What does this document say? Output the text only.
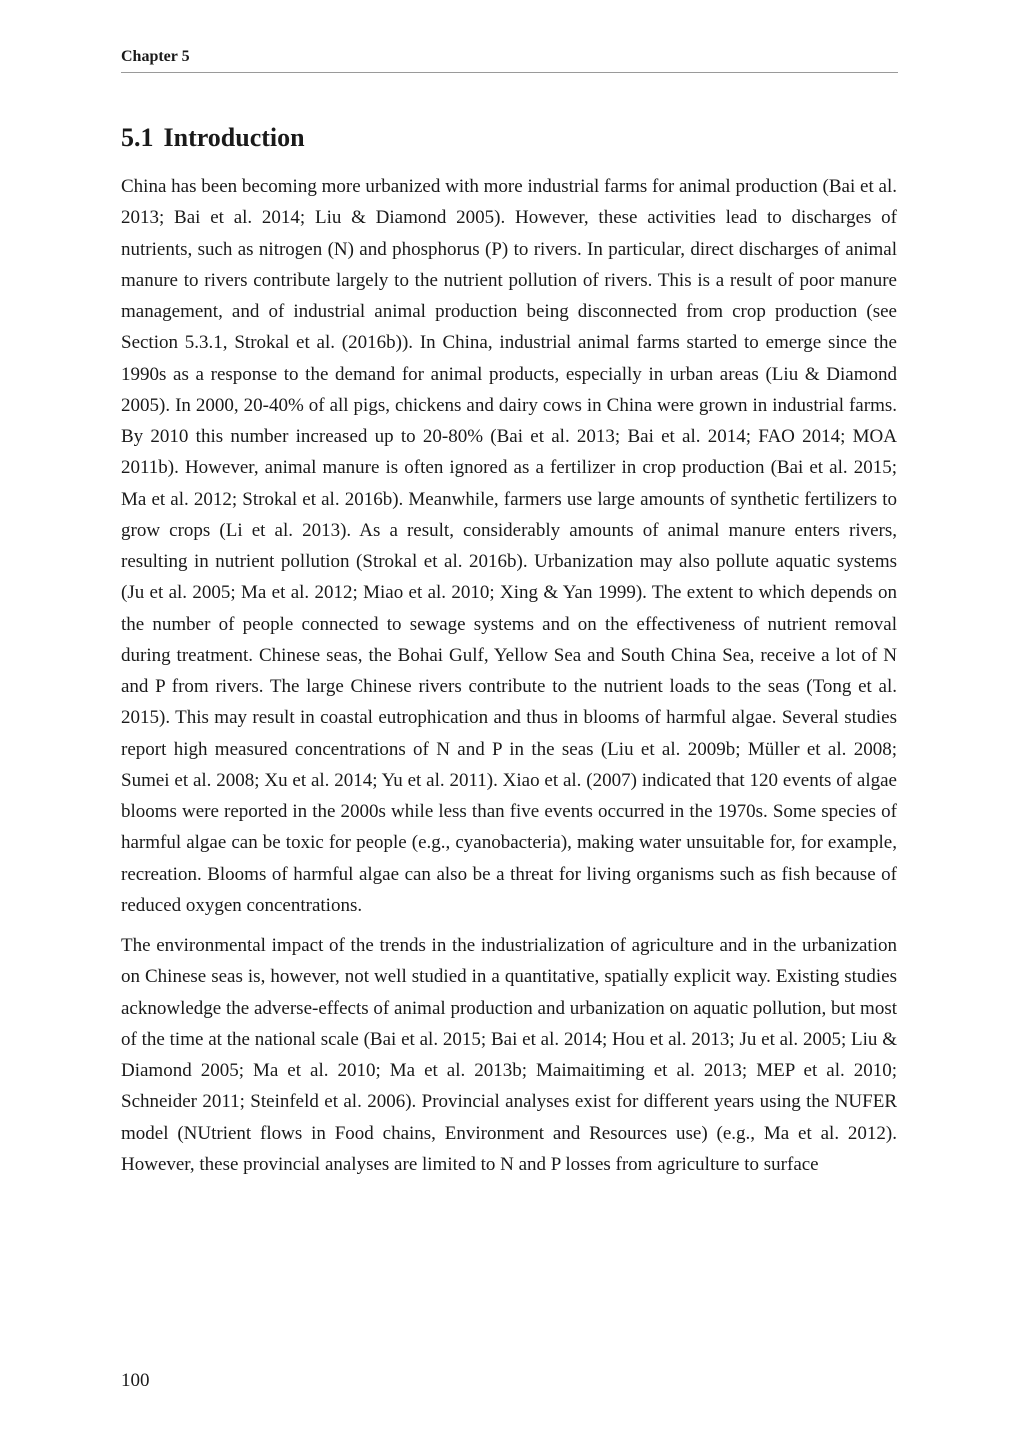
Chapter 5
5.1 Introduction

China has been becoming more urbanized with more industrial farms for animal production (Bai et al. 2013; Bai et al. 2014; Liu & Diamond 2005). However, these activities lead to discharges of nutrients, such as nitrogen (N) and phosphorus (P) to rivers. In particular, direct discharges of animal manure to rivers contribute largely to the nutrient pollution of rivers. This is a result of poor manure management, and of industrial animal production being disconnected from crop production (see Section 5.3.1, Strokal et al. (2016b)). In China, industrial animal farms started to emerge since the 1990s as a response to the demand for animal products, especially in urban areas (Liu & Diamond 2005). In 2000, 20-40% of all pigs, chickens and dairy cows in China were grown in industrial farms. By 2010 this number increased up to 20-80% (Bai et al. 2013; Bai et al. 2014; FAO 2014; MOA 2011b). However, animal manure is often ignored as a fertilizer in crop production (Bai et al. 2015; Ma et al. 2012; Strokal et al. 2016b). Meanwhile, farmers use large amounts of synthetic fertilizers to grow crops (Li et al. 2013). As a result, considerably amounts of animal manure enters rivers, resulting in nutrient pollution (Strokal et al. 2016b). Urbanization may also pollute aquatic systems (Ju et al. 2005; Ma et al. 2012; Miao et al. 2010; Xing & Yan 1999). The extent to which depends on the number of people connected to sewage systems and on the effectiveness of nutrient removal during treatment. Chinese seas, the Bohai Gulf, Yellow Sea and South China Sea, receive a lot of N and P from rivers. The large Chinese rivers contribute to the nutrient loads to the seas (Tong et al. 2015). This may result in coastal eutrophication and thus in blooms of harmful algae. Several studies report high measured concentrations of N and P in the seas (Liu et al. 2009b; Müller et al. 2008; Sumei et al. 2008; Xu et al. 2014; Yu et al. 2011). Xiao et al. (2007) indicated that 120 events of algae blooms were reported in the 2000s while less than five events occurred in the 1970s. Some species of harmful algae can be toxic for people (e.g., cyanobacteria), making water unsuitable for, for example, recreation. Blooms of harmful algae can also be a threat for living organisms such as fish because of reduced oxygen concentrations.

The environmental impact of the trends in the industrialization of agriculture and in the urbanization on Chinese seas is, however, not well studied in a quantitative, spatially explicit way. Existing studies acknowledge the adverse-effects of animal production and urbanization on aquatic pollution, but most of the time at the national scale (Bai et al. 2015; Bai et al. 2014; Hou et al. 2013; Ju et al. 2005; Liu & Diamond 2005; Ma et al. 2010; Ma et al. 2013b; Maimaitiming et al. 2013; MEP et al. 2010; Schneider 2011; Steinfeld et al. 2006). Provincial analyses exist for different years using the NUFER model (NUtrient flows in Food chains, Environment and Resources use) (e.g., Ma et al. 2012). However, these provincial analyses are limited to N and P losses from agriculture to surface

100
